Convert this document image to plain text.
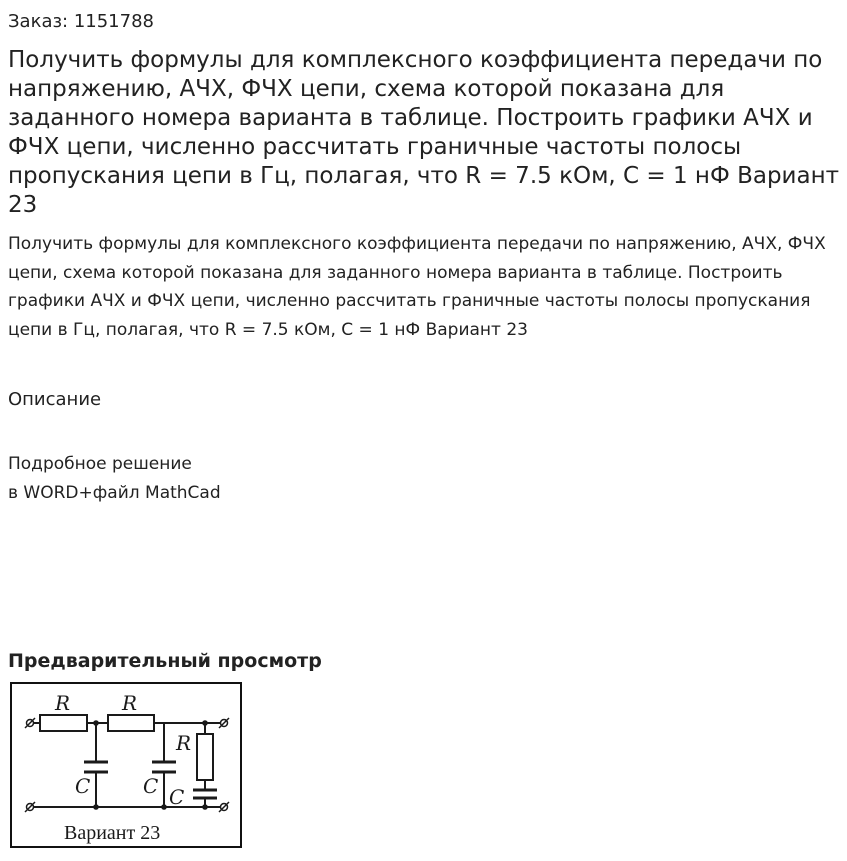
Заказ: 1151788
Получить формулы для комплексного коэффициента передачи по напряжению, АЧХ, ФЧХ цепи, схема которой показана для заданного номера варианта в таблице. Построить графики АЧХ и ФЧХ цепи, численно рассчитать граничные частоты полосы пропускания цепи в Гц, полагая, что R = 7.5 кОм, C = 1 нФ Вариант 23

Получить формулы для комплексного коэффициента передачи по напряжению, АЧХ, ФЧХ цепи, схема которой показана для заданного номера варианта в таблице. Построить графики АЧХ и ФЧХ цепи, численно рассчитать граничные частоты полосы пропускания цепи в Гц, полагая, что R = 7.5 кОм, C = 1 нФ Вариант 23

Описание
Подробное решение
в WORD+файл MathCad
Предварительный просмотр
R	R
R
C	C C
Вариант 23
